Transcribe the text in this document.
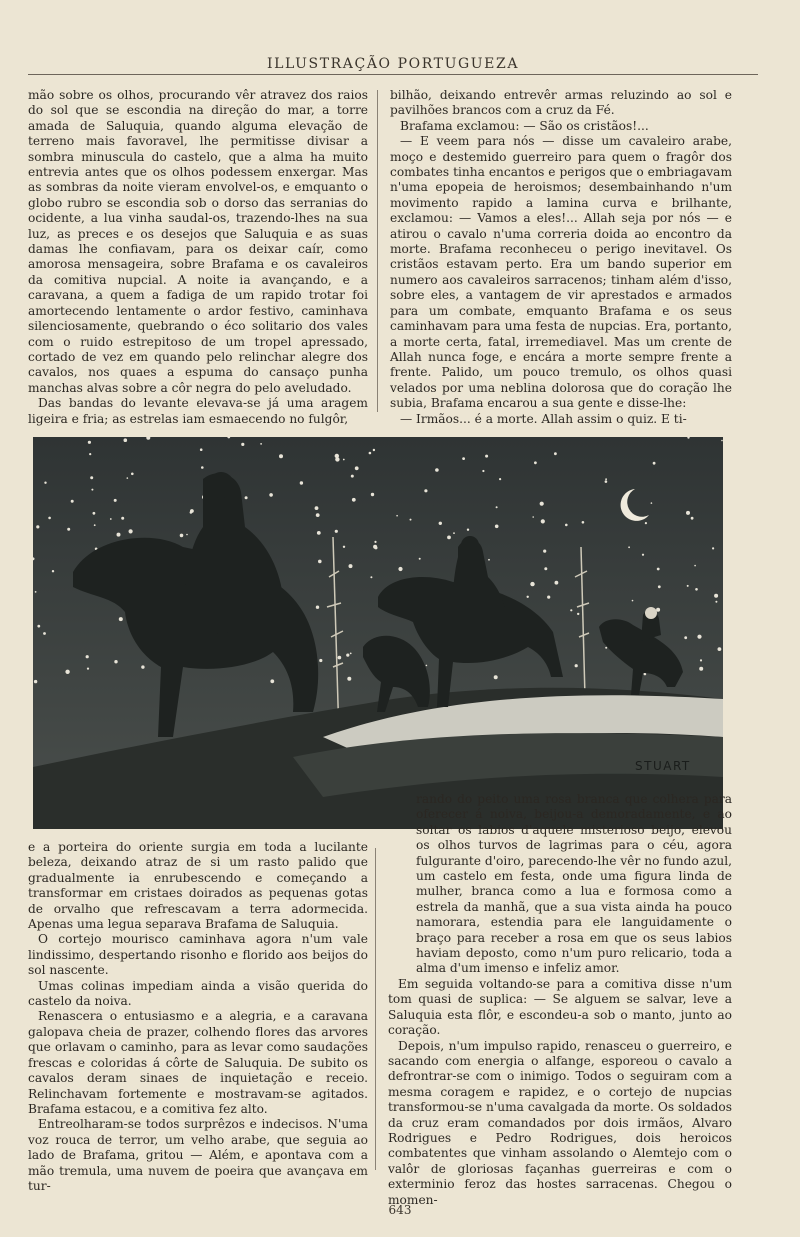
ILLUSTRAÇÃO PORTUGUEZA

mão sobre os olhos, procurando vêr atravez dos raios do sol que se escondia na direção do mar, a torre amada de Saluquia, quando alguma elevação de terreno mais favoravel, lhe permitisse divisar a sombra minuscula do castelo, que a alma ha muito entrevia antes que os olhos podessem enxergar. Mas as sombras da noite vieram envolvel-os, e emquanto o globo rubro se escondia sob o dorso das serranias do ocidente, a lua vinha saudal-os, trazendo-lhes na sua luz, as preces e os desejos que Saluquia e as suas damas lhe confiavam, para os deixar caír, como amorosa mensageira, sobre Brafama e os cavaleiros da comitiva nupcial. A noite ia avançando, e a caravana, a quem a fadiga de um rapido trotar foi amortecendo lentamente o ardor festivo, caminhava silenciosamente, quebrando o éco solitario dos vales com o ruido estrepitoso de um tropel apressado, cortado de vez em quando pelo relinchar alegre dos cavalos, nos quaes a espuma do cansaço punha manchas alvas sobre a côr negra do pelo aveludado.

Das bandas do levante elevava-se já uma aragem ligeira e fria; as estrelas iam esmaecendo no fulgôr,

bilhão, deixando entrevêr armas reluzindo ao sol e pavilhões brancos com a cruz da Fé.

Brafama exclamou: — São os cristãos!...

— E veem para nós — disse um cavaleiro arabe, moço e destemido guerreiro para quem o fragôr dos combates tinha encantos e perigos que o embriagavam n'uma epopeia de heroismos; desembainhando n'um movimento rapido a lamina curva e brilhante, exclamou: — Vamos a eles!... Allah seja por nós — e atirou o cavalo n'uma correria doida ao encontro da morte. Brafama reconheceu o perigo inevitavel. Os cristãos estavam perto. Era um bando superior em numero aos cavaleiros sarracenos; tinham além d'isso, sobre eles, a vantagem de vir aprestados e armados para um combate, emquanto Brafama e os seus caminhavam para uma festa de nupcias. Era, portanto, a morte certa, fatal, irremediavel. Mas um crente de Allah nunca foge, e encára a morte sempre frente a frente. Palido, um pouco tremulo, os olhos quasi velados por uma neblina dolorosa que do coração lhe subia, Brafama encarou a sua gente e disse-lhe:

— Irmãos... é a morte. Allah assim o quiz. E ti-

STUART

e a porteira do oriente surgia em toda a lucilante beleza, deixando atraz de si um rasto palido que gradualmente ia enrubescendo e começando a transformar em cristaes doirados as pequenas gotas de orvalho que refrescavam a terra adormecida. Apenas uma legua separava Brafama de Saluquia.

O cortejo mourisco caminhava agora n'um vale lindissimo, despertando risonho e florido aos beijos do sol nascente.

Umas colinas impediam ainda a visão querida do castelo da noiva.

Renascera o entusiasmo e a alegria, e a caravana galopava cheia de prazer, colhendo flores das arvores que orlavam o caminho, para as levar como saudações frescas e coloridas á côrte de Saluquia. De subito os cavalos deram sinaes de inquietação e receio. Relinchavam fortemente e mostravam-se agitados. Brafama estacou, e a comitiva fez alto.

Entreolharam-se todos surprêzos e indecisos. N'uma voz rouca de terror, um velho arabe, que seguia ao lado de Brafama, gritou — Além, e apontava com a mão tremula, uma nuvem de poeira que avançava em tur-

rando do peito uma rosa branca que colhera para oferecer á noiva, beijou-a demoradamente, e ao soltar os labios d'aquele misterioso beijo, elevou os olhos turvos de lagrimas para o céu, agora fulgurante d'oiro, parecendo-lhe vêr no fundo azul, um castelo em festa, onde uma figura linda de mulher, branca como a lua e formosa como a estrela da manhã, que a sua vista ainda ha pouco namorara, estendia para ele languidamente o braço para receber a rosa em que os seus labios haviam deposto, como n'um puro relicario, toda a alma d'um imenso e infeliz amor.

Em seguida voltando-se para a comitiva disse n'um tom quasi de suplica: — Se alguem se salvar, leve a Saluquia esta flôr, e escondeu-a sob o manto, junto ao coração.

Depois, n'um impulso rapido, renasceu o guerreiro, e sacando com energia o alfange, esporeou o cavalo a defrontrar-se com o inimigo. Todos o seguiram com a mesma coragem e rapidez, e o cortejo de nupcias transformou-se n'uma cavalgada da morte. Os soldados da cruz eram comandados por dois irmãos, Alvaro Rodrigues e Pedro Rodrigues, dois heroicos combatentes que vinham assolando o Alemtejo com o valôr de gloriosas façanhas guerreiras e com o exterminio feroz das hostes sarracenas. Chegou o momen-

643
